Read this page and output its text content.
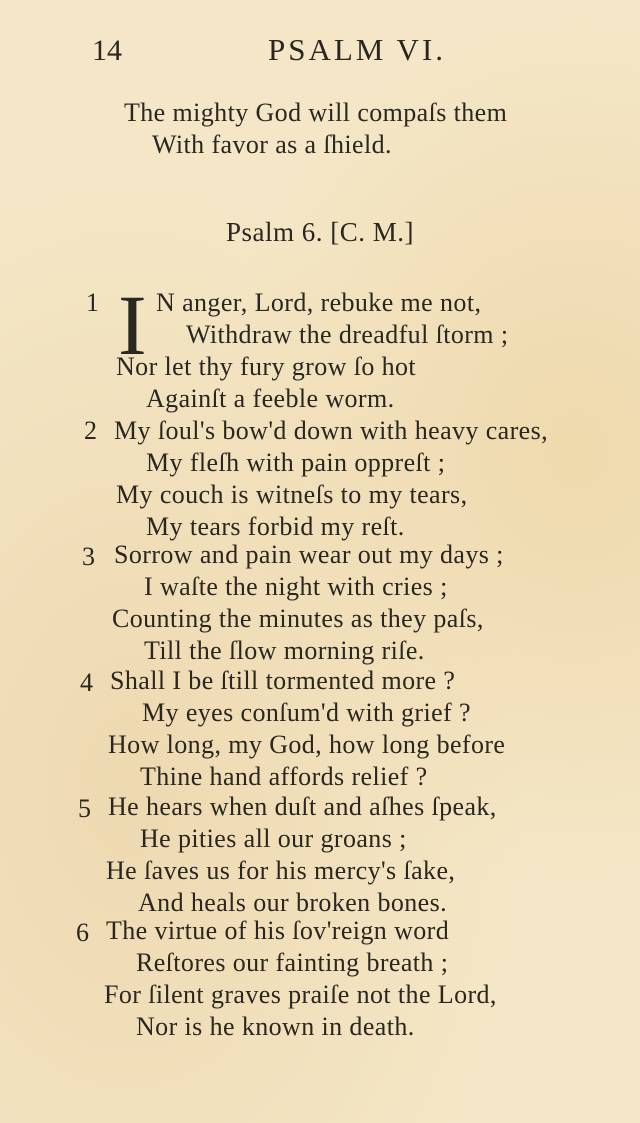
14	PSALM VI.
The mighty God will compaſs them
With favor as a ſhield.
Psalm 6. [C. M.]
1 I N anger, Lord, rebuke me not,
Withdraw the dreadful ſtorm ;
Nor let thy fury grow ſo hot
Againſt a feeble worm.
2 My ſoul's bow'd down with heavy cares,
My fleſh with pain oppreſt ;
My couch is witneſs to my tears,
My tears forbid my reſt.
3 Sorrow and pain wear out my days ;
I waſte the night with cries ;
Counting the minutes as they paſs,
Till the ſlow morning riſe.
4 Shall I be ſtill tormented more ?
My eyes conſum'd with grief ?
How long, my God, how long before
Thine hand affords relief ?
5 He hears when duſt and aſhes ſpeak,
He pities all our groans ;
He ſaves us for his mercy's ſake,
And heals our broken bones.
6 The virtue of his ſov'reign word
Reſtores our fainting breath ;
For ſilent graves praiſe not the Lord,
Nor is he known in death.
